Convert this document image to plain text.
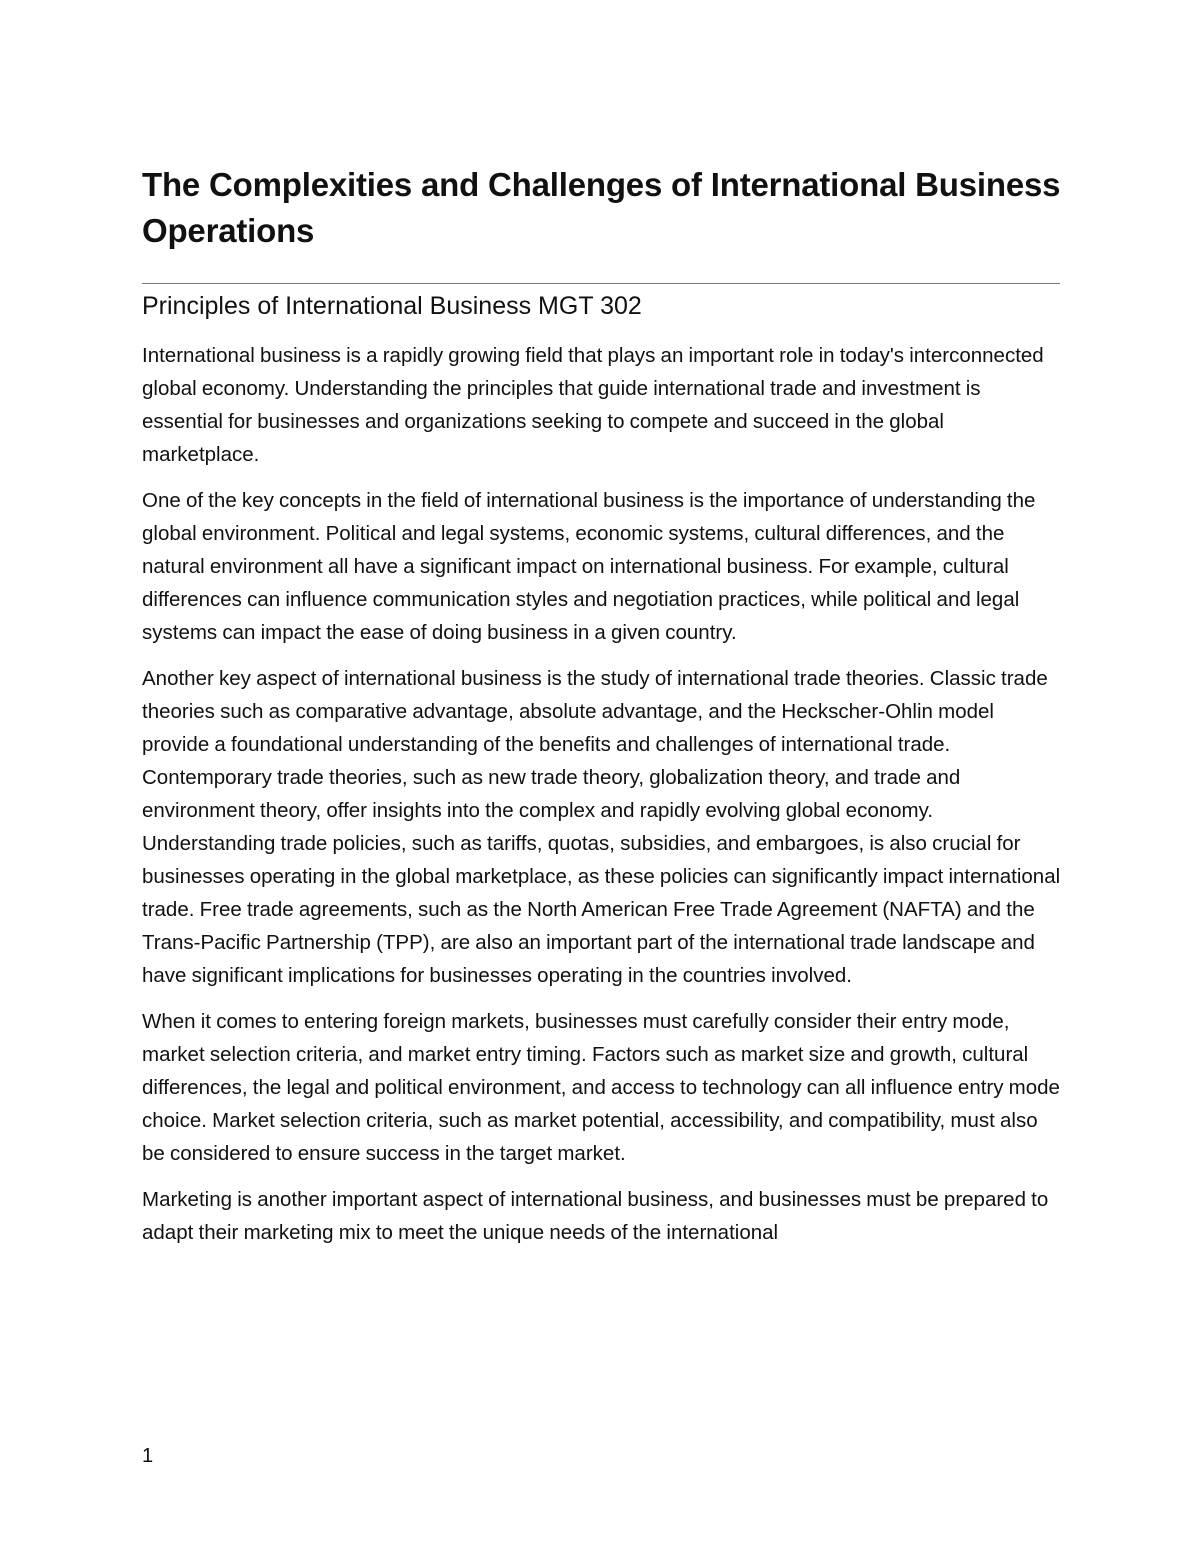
The Complexities and Challenges of International Business Operations
Principles of International Business MGT 302

International business is a rapidly growing field that plays an important role in today's interconnected global economy. Understanding the principles that guide international trade and investment is essential for businesses and organizations seeking to compete and succeed in the global marketplace.

One of the key concepts in the field of international business is the importance of understanding the global environment. Political and legal systems, economic systems, cultural differences, and the natural environment all have a significant impact on international business. For example, cultural differences can influence communication styles and negotiation practices, while political and legal systems can impact the ease of doing business in a given country.

Another key aspect of international business is the study of international trade theories. Classic trade theories such as comparative advantage, absolute advantage, and the Heckscher-Ohlin model provide a foundational understanding of the benefits and challenges of international trade. Contemporary trade theories, such as new trade theory, globalization theory, and trade and environment theory, offer insights into the complex and rapidly evolving global economy. Understanding trade policies, such as tariffs, quotas, subsidies, and embargoes, is also crucial for businesses operating in the global marketplace, as these policies can significantly impact international trade. Free trade agreements, such as the North American Free Trade Agreement (NAFTA) and the Trans-Pacific Partnership (TPP), are also an important part of the international trade landscape and have significant implications for businesses operating in the countries involved.

When it comes to entering foreign markets, businesses must carefully consider their entry mode, market selection criteria, and market entry timing. Factors such as market size and growth, cultural differences, the legal and political environment, and access to technology can all influence entry mode choice. Market selection criteria, such as market potential, accessibility, and compatibility, must also be considered to ensure success in the target market.

Marketing is another important aspect of international business, and businesses must be prepared to adapt their marketing mix to meet the unique needs of the international

1
